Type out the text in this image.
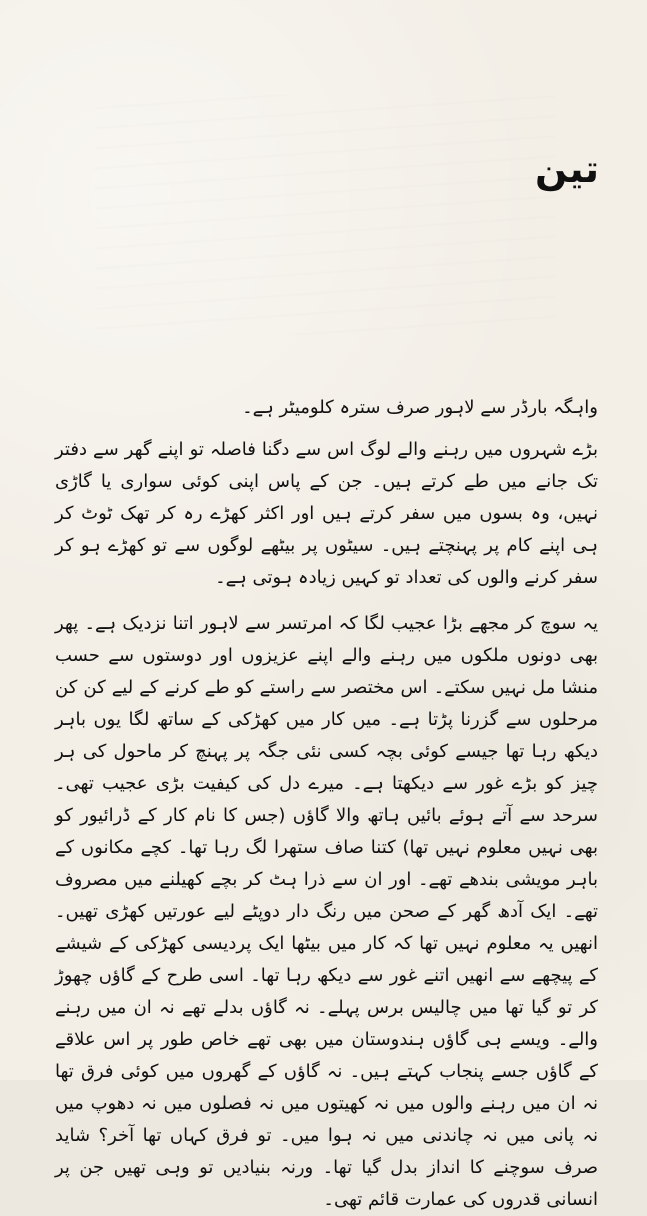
تین

واہگہ بارڈر سے لاہور صرف سترہ کلومیٹر ہے۔

بڑے شہروں میں رہنے والے لوگ اس سے دگنا فاصلہ تو اپنے گھر سے دفتر تک جانے میں طے کرتے ہیں۔ جن کے پاس اپنی کوئی سواری یا گاڑی نہیں، وہ بسوں میں سفر کرتے ہیں اور اکثر کھڑے رہ کر تھک ٹوٹ کر ہی اپنے کام پر پہنچتے ہیں۔ سیٹوں پر بیٹھے لوگوں سے تو کھڑے ہو کر سفر کرنے والوں کی تعداد تو کہیں زیادہ ہوتی ہے۔

یہ سوچ کر مجھے بڑا عجیب لگا کہ امرتسر سے لاہور اتنا نزدیک ہے۔ پھر بھی دونوں ملکوں میں رہنے والے اپنے عزیزوں اور دوستوں سے حسب منشا مل نہیں سکتے۔ اس مختصر سے راستے کو طے کرنے کے لیے کن کن مرحلوں سے گزرنا پڑتا ہے۔ میں کار میں کھڑکی کے ساتھ لگا یوں باہر دیکھ رہا تھا جیسے کوئی بچہ کسی نئی جگہ پر پہنچ کر ماحول کی ہر چیز کو بڑے غور سے دیکھتا ہے۔ میرے دل کی کیفیت بڑی عجیب تھی۔ سرحد سے آتے ہوئے بائیں ہاتھ والا گاؤں (جس کا نام کار کے ڈرائیور کو بھی نہیں معلوم نہیں تھا) کتنا صاف ستھرا لگ رہا تھا۔ کچے مکانوں کے باہر مویشی بندھے تھے۔ اور ان سے ذرا ہٹ کر بچے کھیلنے میں مصروف تھے۔ ایک آدھ گھر کے صحن میں رنگ دار دوپٹے لیے عورتیں کھڑی تھیں۔ انھیں یہ معلوم نہیں تھا کہ کار میں بیٹھا ایک پردیسی کھڑکی کے شیشے کے پیچھے سے انھیں اتنے غور سے دیکھ رہا تھا۔ اسی طرح کے گاؤں چھوڑ کر تو گیا تھا میں چالیس برس پہلے۔ نہ گاؤں بدلے تھے نہ ان میں رہنے والے۔ ویسے ہی گاؤں ہندوستان میں بھی تھے خاص طور پر اس علاقے کے گاؤں جسے پنجاب کہتے ہیں۔ نہ گاؤں کے گھروں میں کوئی فرق تھا نہ ان میں رہنے والوں میں نہ کھیتوں میں نہ فصلوں میں نہ دھوپ میں نہ پانی میں نہ چاندنی میں نہ ہوا میں۔ تو فرق کہاں تھا آخر؟ شاید صرف سوچنے کا انداز بدل گیا تھا۔ ورنہ بنیادیں تو وہی تھیں جن پر انسانی قدروں کی عمارت قائم تھی۔
